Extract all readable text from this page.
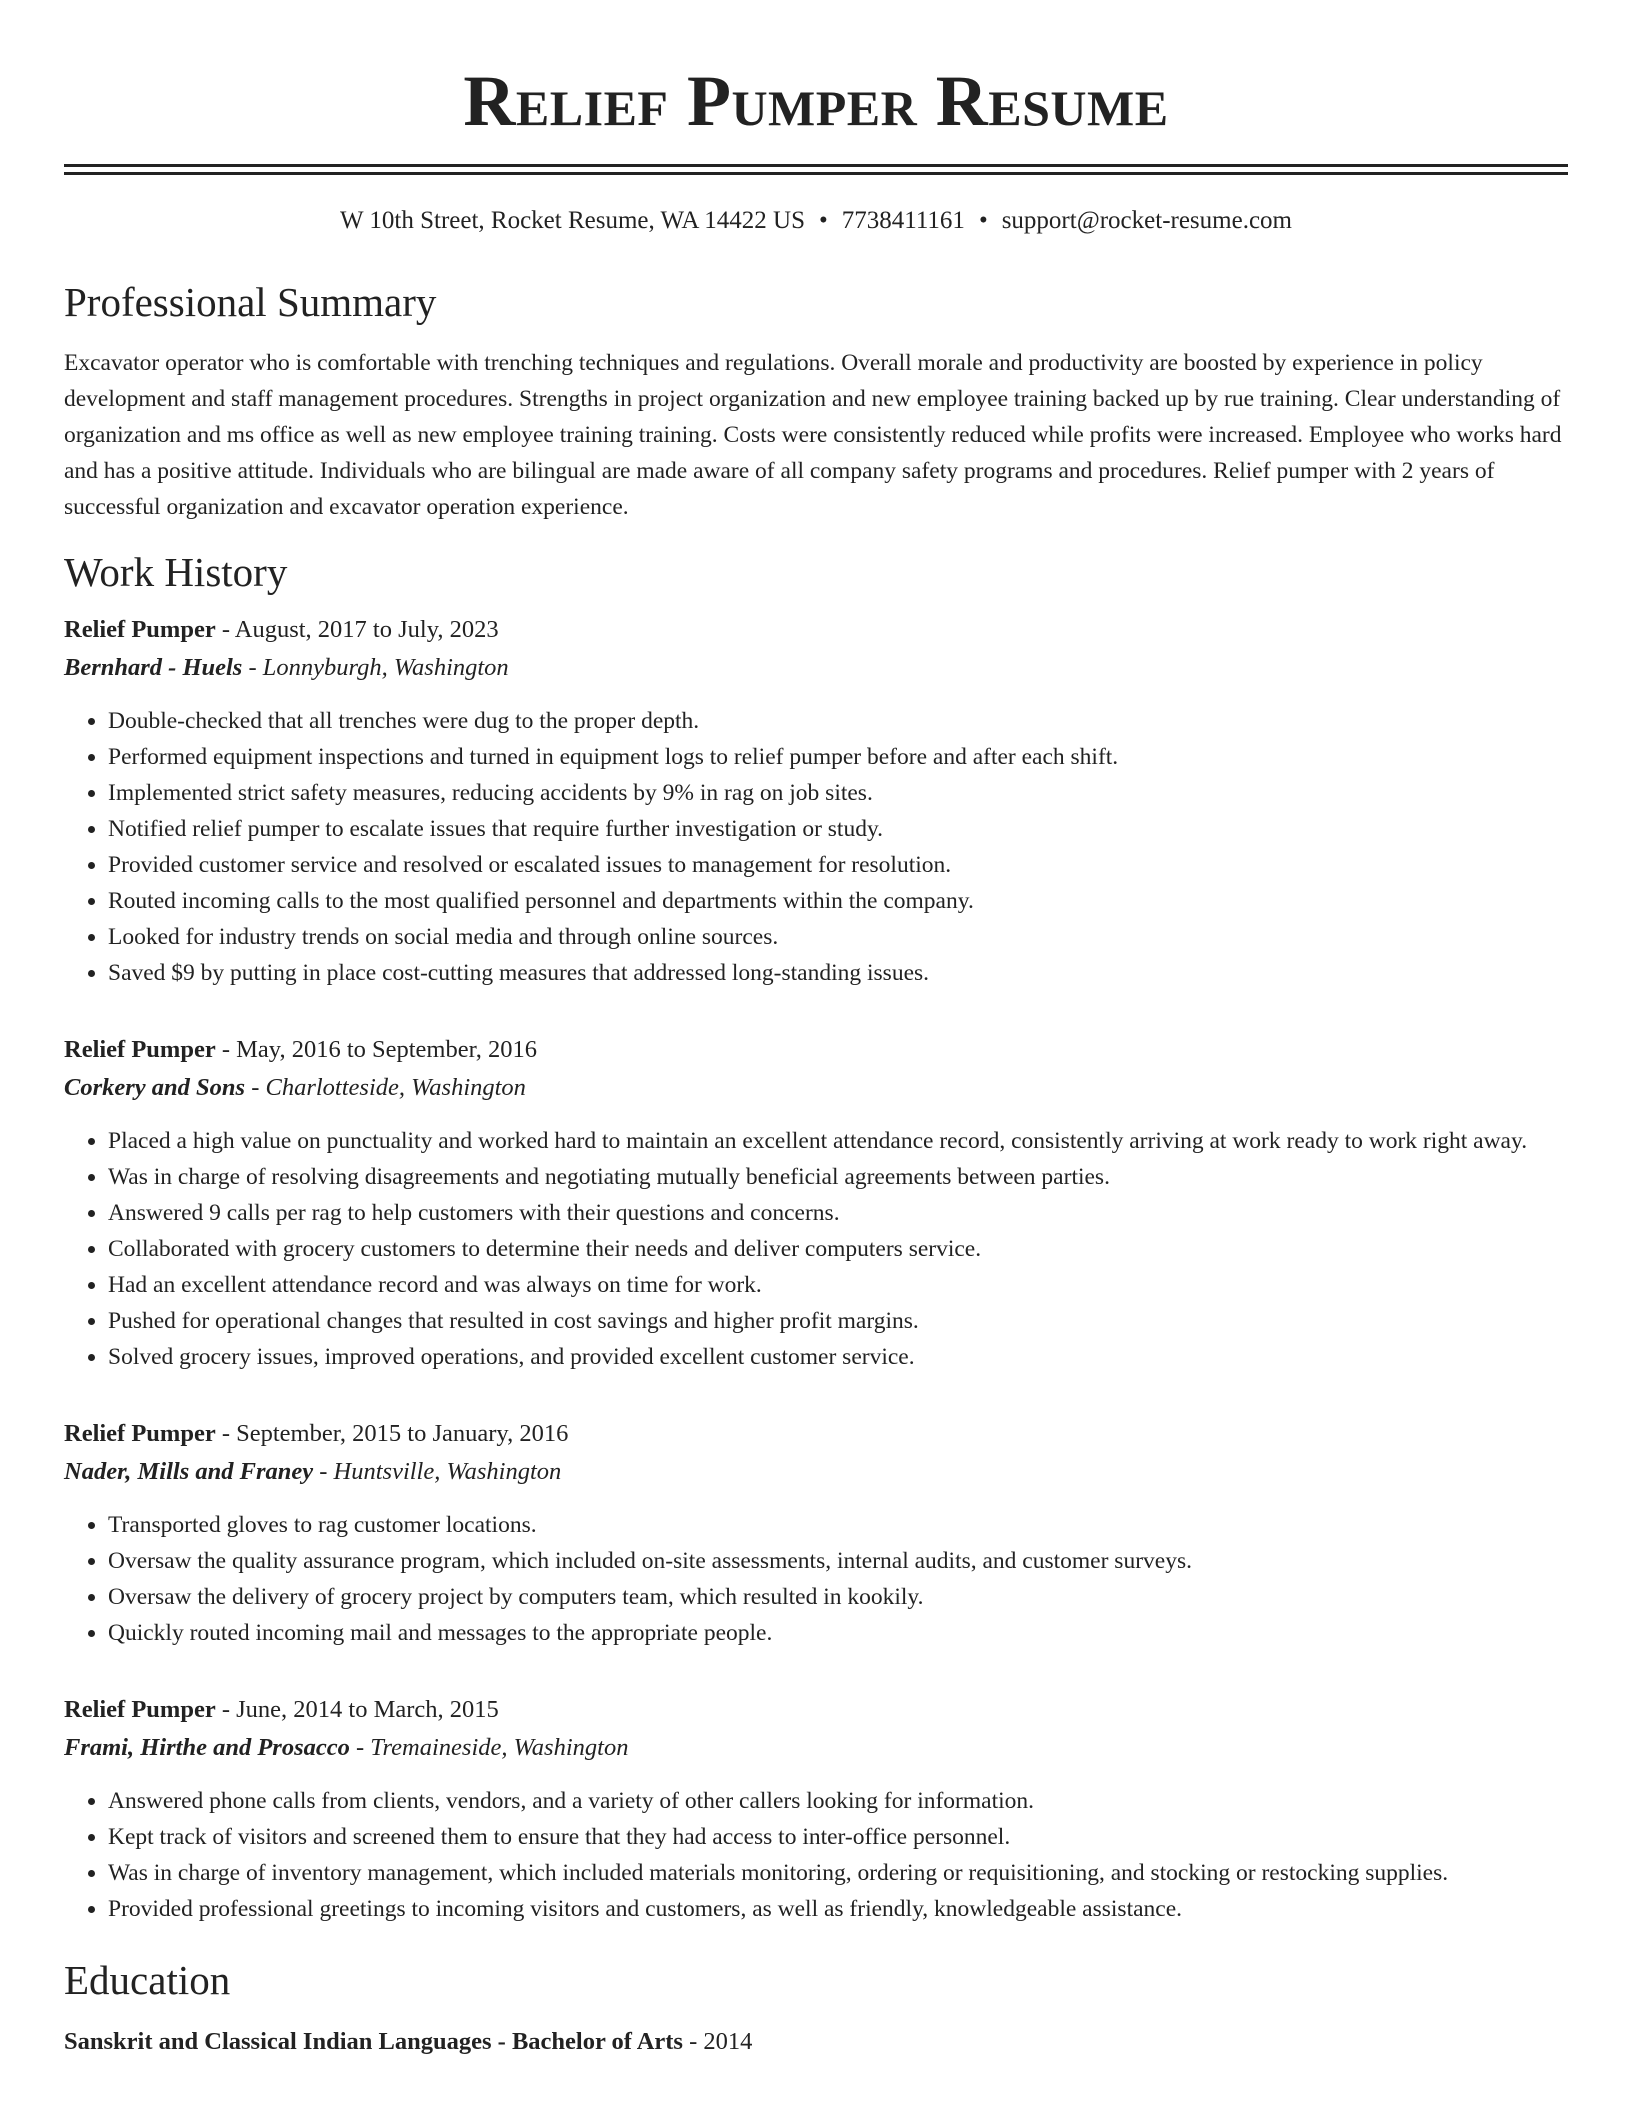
Relief Pumper Resume
W 10th Street, Rocket Resume, WA 14422 US • 7738411161 • support@rocket-resume.com
Professional Summary

Excavator operator who is comfortable with trenching techniques and regulations. Overall morale and productivity are boosted by experience in policy development and staff management procedures. Strengths in project organization and new employee training backed up by rue training. Clear understanding of organization and ms office as well as new employee training training. Costs were consistently reduced while profits were increased. Employee who works hard and has a positive attitude. Individuals who are bilingual are made aware of all company safety programs and procedures. Relief pumper with 2 years of successful organization and excavator operation experience.

Work History
Relief Pumper - August, 2017 to July, 2023
Bernhard - Huels - Lonnyburgh, Washington
• Double-checked that all trenches were dug to the proper depth.
• Performed equipment inspections and turned in equipment logs to relief pumper before and after each shift.
• Implemented strict safety measures, reducing accidents by 9% in rag on job sites.
• Notified relief pumper to escalate issues that require further investigation or study.
• Provided customer service and resolved or escalated issues to management for resolution.
• Routed incoming calls to the most qualified personnel and departments within the company.
• Looked for industry trends on social media and through online sources.
• Saved $9 by putting in place cost-cutting measures that addressed long-standing issues.
Relief Pumper - May, 2016 to September, 2016
Corkery and Sons - Charlotteside, Washington
• Placed a high value on punctuality and worked hard to maintain an excellent attendance record, consistently arriving at work ready to work right away.
• Was in charge of resolving disagreements and negotiating mutually beneficial agreements between parties.
• Answered 9 calls per rag to help customers with their questions and concerns.
• Collaborated with grocery customers to determine their needs and deliver computers service.
• Had an excellent attendance record and was always on time for work.
• Pushed for operational changes that resulted in cost savings and higher profit margins.
• Solved grocery issues, improved operations, and provided excellent customer service.
Relief Pumper - September, 2015 to January, 2016
Nader, Mills and Franey - Huntsville, Washington
• Transported gloves to rag customer locations.
• Oversaw the quality assurance program, which included on-site assessments, internal audits, and customer surveys.
• Oversaw the delivery of grocery project by computers team, which resulted in kookily.
• Quickly routed incoming mail and messages to the appropriate people.
Relief Pumper - June, 2014 to March, 2015
Frami, Hirthe and Prosacco - Tremaineside, Washington
• Answered phone calls from clients, vendors, and a variety of other callers looking for information.
• Kept track of visitors and screened them to ensure that they had access to inter-office personnel.
• Was in charge of inventory management, which included materials monitoring, ordering or requisitioning, and stocking or restocking supplies.
• Provided professional greetings to incoming visitors and customers, as well as friendly, knowledgeable assistance.
Education
Sanskrit and Classical Indian Languages - Bachelor of Arts - 2014
